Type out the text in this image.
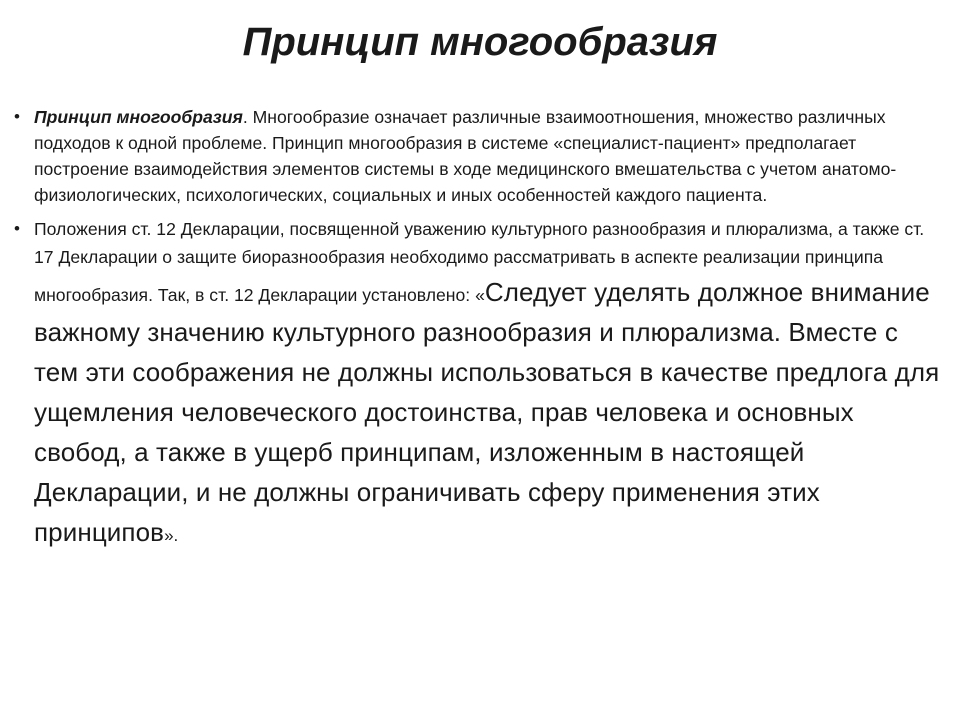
Принцип многообразия
• Принцип многообразия. Многообразие означает различные взаимоотношения, множество различных подходов к одной проблеме. Принцип многообразия в системе «специалист-пациент» предполагает построение взаимодействия элементов системы в ходе медицинского вмешательства с учетом анатомо-физиологических, психологических, социальных и иных особенностей каждого пациента.
• Положения ст. 12 Декларации, посвященной уважению культурного разнообразия и плюрализма, а также ст. 17 Декларации о защите биоразнообразия необходимо рассматривать в аспекте реализации принципа многообразия. Так, в ст. 12 Декларации установлено: «Следует уделять должное внимание важному значению культурного разнообразия и плюрализма. Вместе с тем эти соображения не должны использоваться в качестве предлога для ущемления человеческого достоинства, прав человека и основных свобод, а также в ущерб принципам, изложенным в настоящей Декларации, и не должны ограничивать сферу применения этих принципов».
